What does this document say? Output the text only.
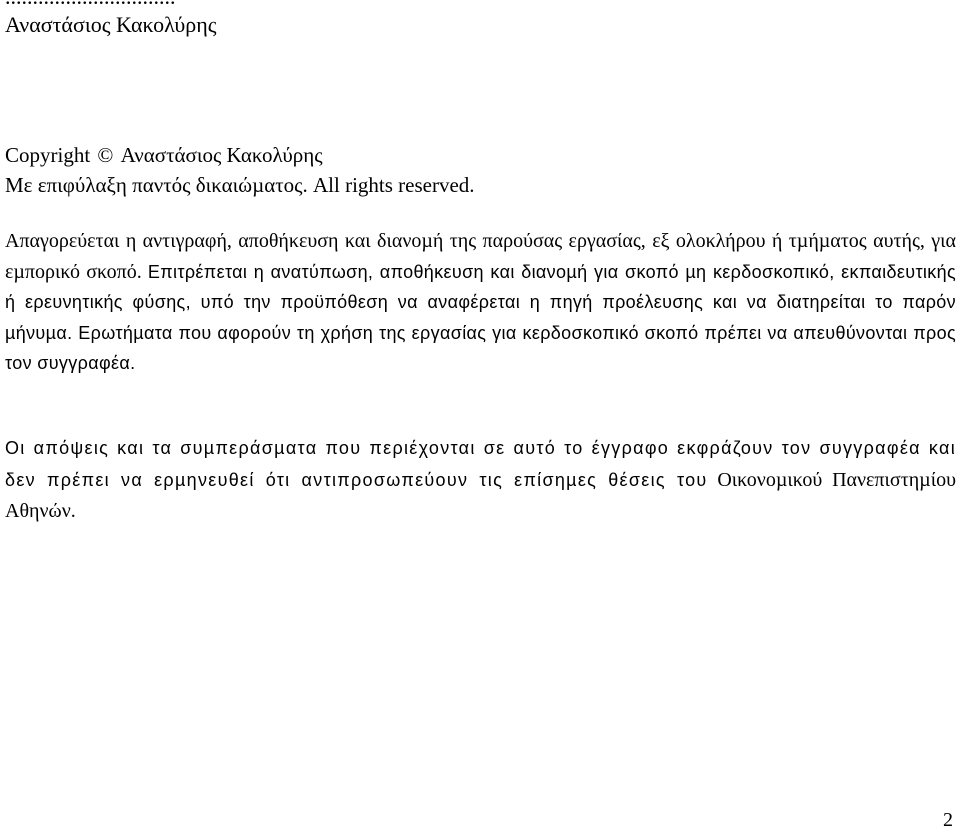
Αναστάσιος Κακολύρης
Copyright © Αναστάσιος Κακολύρης
Με επιφύλαξη παντός δικαιώµατος. All rights reserved.
Απαγορεύεται η αντιγραφή, αποθήκευση και διανοµή της παρούσας εργασίας, εξ ολοκλήρου ή τµήµατος αυτής, για εµπορικό σκοπό. Επιτρέπεται η ανατύπωση, αποθήκευση και διανοµή για σκοπό µη κερδοσκοπικό, εκπαιδευτικής ή ερευνητικής φύσης, υπό την προϋπόθεση να αναφέρεται η πηγή προέλευσης και να διατηρείται το παρόν µήνυµα. Ερωτήµατα που αφορούν τη χρήση της εργασίας για κερδοσκοπικό σκοπό πρέπει να απευθύνονται προς τον συγγραφέα.
Οι απόψεις και τα συµπεράσµατα που περιέχονται σε αυτό το έγγραφο εκφράζουν τον συγγραφέα και δεν πρέπει να ερµηνευθεί ότι αντιπροσωπεύουν τις επίσηµες θέσεις του Οικονοµικού Πανεπιστηµίου Αθηνών.
2
